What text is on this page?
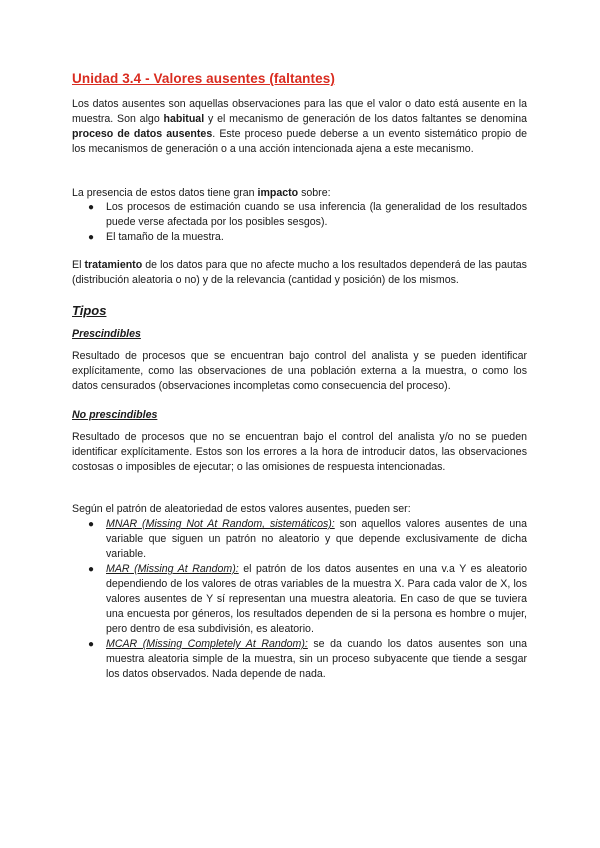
Unidad 3.4 - Valores ausentes (faltantes)

Los datos ausentes son aquellas observaciones para las que el valor o dato está ausente en la muestra. Son algo habitual y el mecanismo de generación de los datos faltantes se denomina proceso de datos ausentes. Este proceso puede deberse a un evento sistemático propio de los mecanismos de generación o a una acción intencionada ajena a este mecanismo.

La presencia de estos datos tiene gran impacto sobre:

● Los procesos de estimación cuando se usa inferencia (la generalidad de los resultados puede verse afectada por los posibles sesgos).
● El tamaño de la muestra.

El tratamiento de los datos para que no afecte mucho a los resultados dependerá de las pautas (distribución aleatoria o no) y de la relevancia (cantidad y posición) de los mismos.

Tipos
Prescindibles

Resultado de procesos que se encuentran bajo control del analista y se pueden identificar explícitamente, como las observaciones de una población externa a la muestra, o como los datos censurados (observaciones incompletas como consecuencia del proceso).

No prescindibles

Resultado de procesos que no se encuentran bajo el control del analista y/o no se pueden identificar explícitamente. Estos son los errores a la hora de introducir datos, las observaciones costosas o imposibles de ejecutar; o las omisiones de respuesta intencionadas.

Según el patrón de aleatoriedad de estos valores ausentes, pueden ser:

● MNAR (Missing Not At Random, sistemáticos): son aquellos valores ausentes de una variable que siguen un patrón no aleatorio y que depende exclusivamente de dicha variable.
● MAR (Missing At Random): el patrón de los datos ausentes en una v.a Y es aleatorio dependiendo de los valores de otras variables de la muestra X. Para cada valor de X, los valores ausentes de Y sí representan una muestra aleatoria. En caso de que se tuviera una encuesta por géneros, los resultados dependen de si la persona es hombre o mujer, pero dentro de esa subdivisión, es aleatorio.
● MCAR (Missing Completely At Random): se da cuando los datos ausentes son una muestra aleatoria simple de la muestra, sin un proceso subyacente que tiende a sesgar los datos observados. Nada depende de nada.
